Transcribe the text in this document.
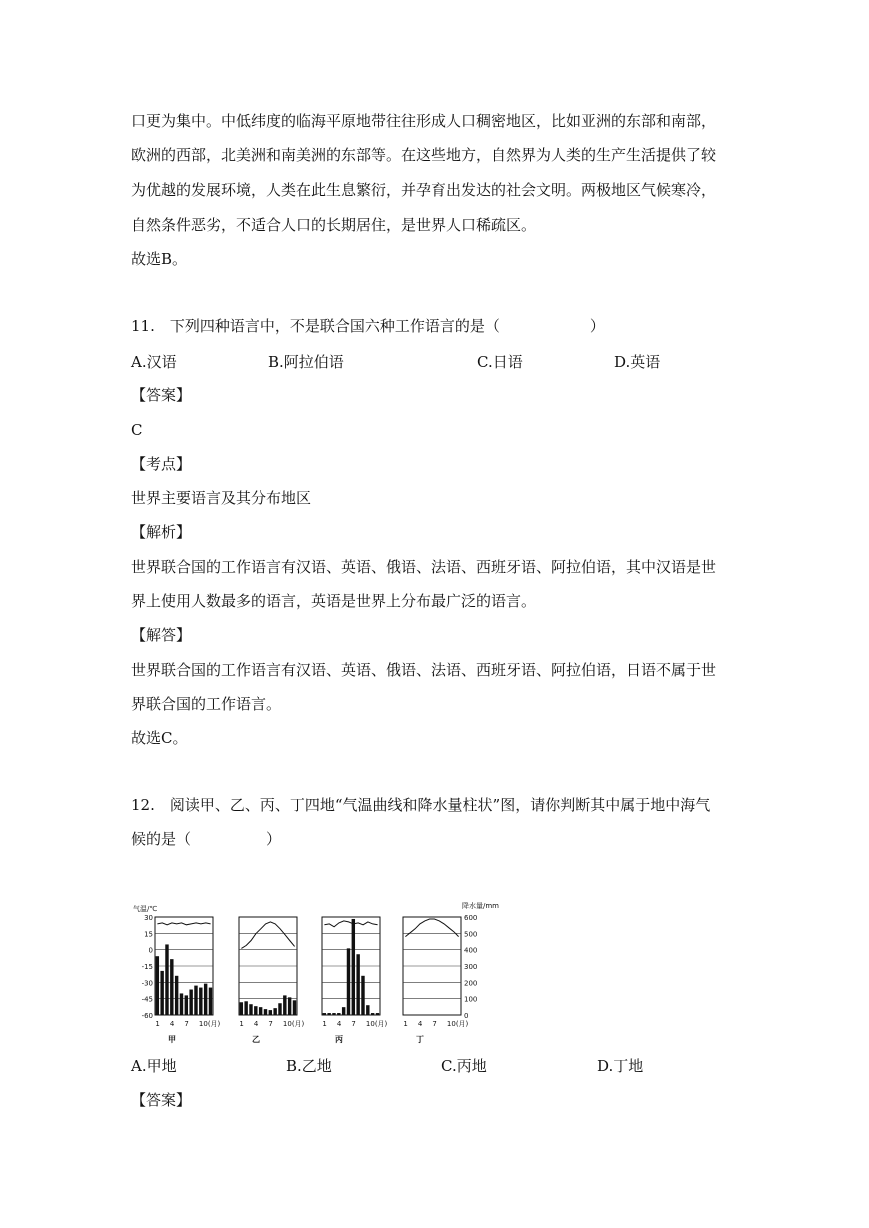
口更为集中。中低纬度的临海平原地带往往形成人口稠密地区，比如亚洲的东部和南部，
欧洲的西部，北美洲和南美洲的东部等。在这些地方，自然界为人类的生产生活提供了较
为优越的发展环境，人类在此生息繁衍，并孕育出发达的社会文明。两极地区气候寒冷，
自然条件恶劣，不适合人口的长期居住，是世界人口稀疏区。
故选B。
11.　下列四种语言中，不是联合国六种工作语言的是（　　　　　　）
A.汉语	B.阿拉伯语	C.日语	D.英语
【答案】
C
【考点】
世界主要语言及其分布地区
【解析】
世界联合国的工作语言有汉语、英语、俄语、法语、西班牙语、阿拉伯语，其中汉语是世
界上使用人数最多的语言，英语是世界上分布最广泛的语言。
【解答】
世界联合国的工作语言有汉语、英语、俄语、法语、西班牙语、阿拉伯语，日语不属于世
界联合国的工作语言。
故选C。
12.　阅读甲、乙、丙、丁四地“气温曲线和降水量柱状”图，请你判断其中属于地中海气
候的是（　　　　　）
1 4 7 10(月)
甲
气温/℃
30
15
0
-15
-30
-45
-60
1 4 7 10(月)
乙
1 4 7 10(月)
丙
1 4 7 10(月)
丁
降水量/mm
600
500
400
300
200
100
0
A.甲地	B.乙地	C.丙地	D.丁地
【答案】
